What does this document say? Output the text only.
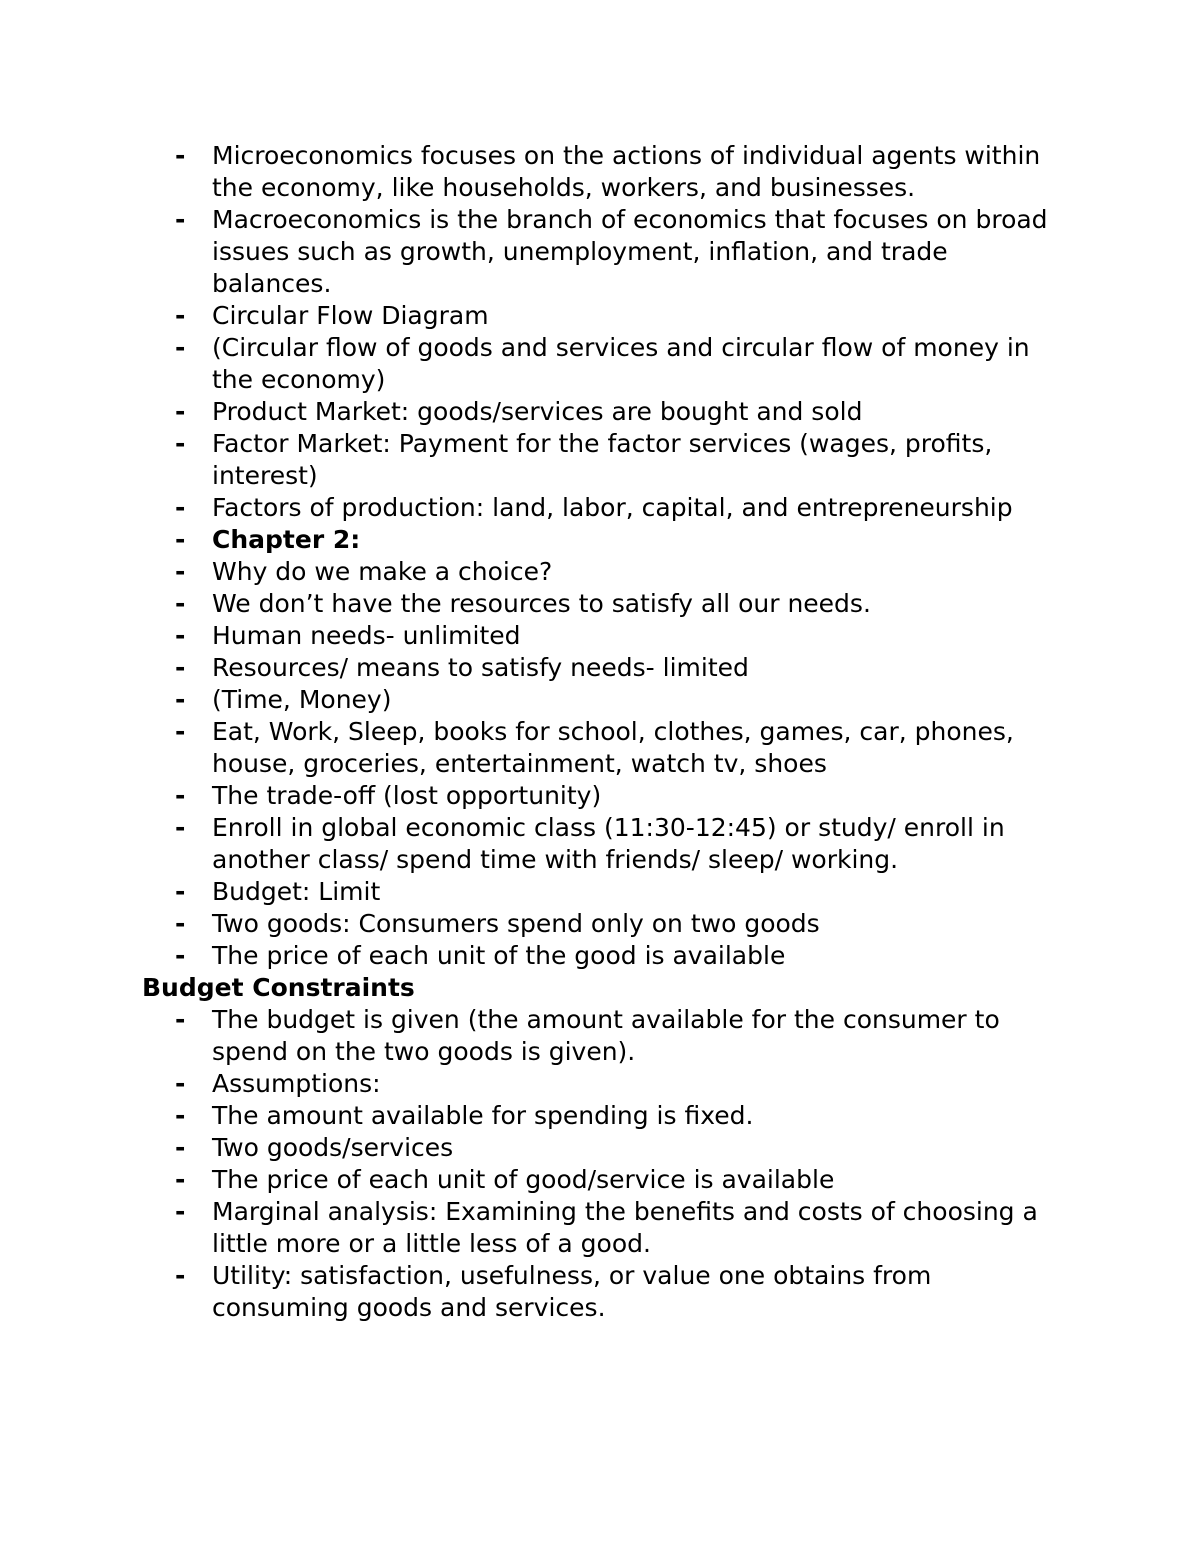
- Microeconomics focuses on the actions of individual agents within the economy, like households, workers, and businesses.
- Macroeconomics is the branch of economics that focuses on broad issues such as growth, unemployment, inflation, and trade balances.
- Circular Flow Diagram
- (Circular flow of goods and services and circular flow of money in the economy)
- Product Market: goods/services are bought and sold
- Factor Market: Payment for the factor services (wages, profits, interest)
- Factors of production: land, labor, capital, and entrepreneurship
- Chapter 2:
- Why do we make a choice?
- We don’t have the resources to satisfy all our needs.
- Human needs- unlimited
- Resources/ means to satisfy needs- limited
- (Time, Money)
- Eat, Work, Sleep, books for school, clothes, games, car, phones, house, groceries, entertainment, watch tv, shoes
- The trade-off (lost opportunity)
- Enroll in global economic class (11:30-12:45) or study/ enroll in another class/ spend time with friends/ sleep/ working.
- Budget: Limit
- Two goods: Consumers spend only on two goods
- The price of each unit of the good is available
Budget Constraints
- The budget is given (the amount available for the consumer to spend on the two goods is given).
- Assumptions:
- The amount available for spending is fixed.
- Two goods/services
- The price of each unit of good/service is available
- Marginal analysis: Examining the benefits and costs of choosing a little more or a little less of a good.
- Utility: satisfaction, usefulness, or value one obtains from consuming goods and services.
